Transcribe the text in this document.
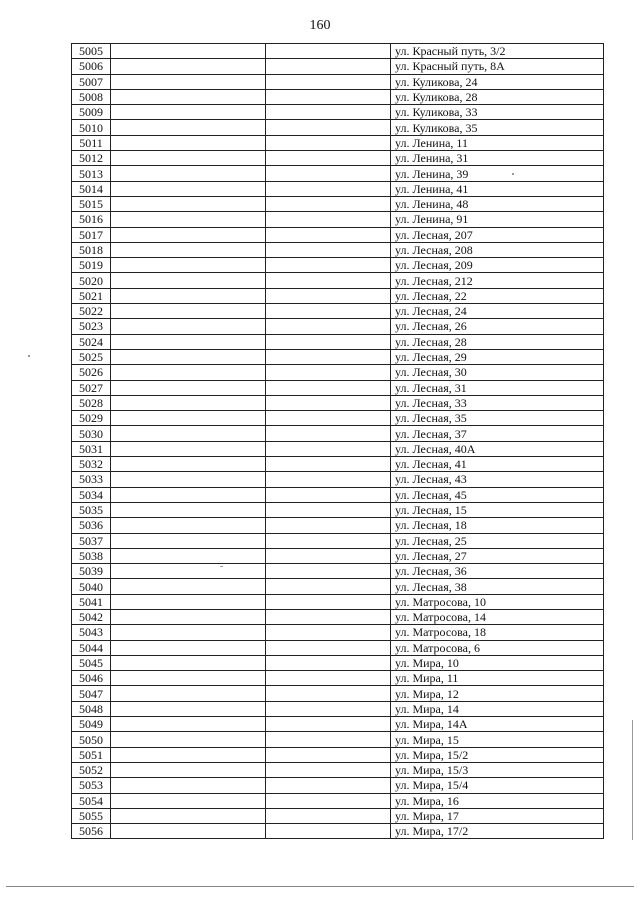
160
5005			ул. Красный путь, 3/2
5006			ул. Красный путь, 8А
5007			ул. Куликова, 24
5008			ул. Куликова, 28
5009			ул. Куликова, 33
5010			ул. Куликова, 35
5011			ул. Ленина, 11
5012			ул. Ленина, 31
5013			ул. Ленина, 39
5014			ул. Ленина, 41
5015			ул. Ленина, 48
5016			ул. Ленина, 91
5017			ул. Лесная, 207
5018			ул. Лесная, 208
5019			ул. Лесная, 209
5020			ул. Лесная, 212
5021			ул. Лесная, 22
5022			ул. Лесная, 24
5023			ул. Лесная, 26
5024			ул. Лесная, 28
5025			ул. Лесная, 29
5026			ул. Лесная, 30
5027			ул. Лесная, 31
5028			ул. Лесная, 33
5029			ул. Лесная, 35
5030			ул. Лесная, 37
5031			ул. Лесная, 40А
5032			ул. Лесная, 41
5033			ул. Лесная, 43
5034			ул. Лесная, 45
5035			ул. Лесная, 15
5036			ул. Лесная, 18
5037			ул. Лесная, 25
5038			ул. Лесная, 27
5039			ул. Лесная, 36
5040			ул. Лесная, 38
5041			ул. Матросова, 10
5042			ул. Матросова, 14
5043			ул. Матросова, 18
5044			ул. Матросова, 6
5045			ул. Мира, 10
5046			ул. Мира, 11
5047			ул. Мира, 12
5048			ул. Мира, 14
5049			ул. Мира, 14А
5050			ул. Мира, 15
5051			ул. Мира, 15/2
5052			ул. Мира, 15/3
5053			ул. Мира, 15/4
5054			ул. Мира, 16
5055			ул. Мира, 17
5056			ул. Мира, 17/2
